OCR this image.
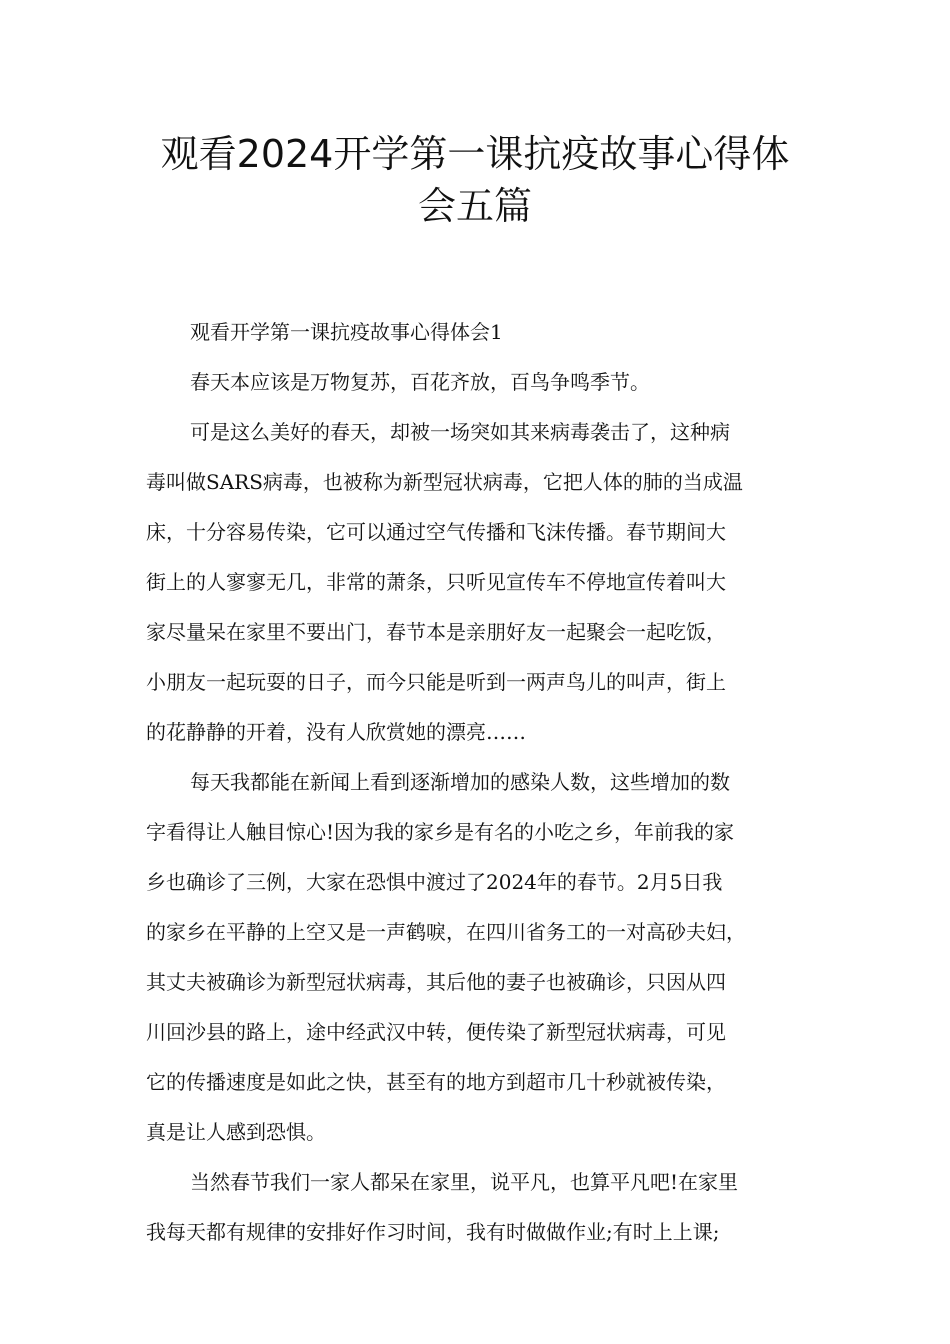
观看2024开学第一课抗疫故事心得体
会五篇
观看开学第一课抗疫故事心得体会1
春天本应该是万物复苏，百花齐放，百鸟争鸣季节。
可是这么美好的春天，却被一场突如其来病毒袭击了，这种病
毒叫做SARS病毒，也被称为新型冠状病毒，它把人体的肺的当成温
床，十分容易传染，它可以通过空气传播和飞沫传播。春节期间大
街上的人寥寥无几，非常的萧条，只听见宣传车不停地宣传着叫大
家尽量呆在家里不要出门，春节本是亲朋好友一起聚会一起吃饭，
小朋友一起玩耍的日子，而今只能是听到一两声鸟儿的叫声，街上
的花静静的开着，没有人欣赏她的漂亮……
每天我都能在新闻上看到逐渐增加的感染人数，这些增加的数
字看得让人触目惊心!因为我的家乡是有名的小吃之乡，年前我的家
乡也确诊了三例，大家在恐惧中渡过了2024年的春节。2月5日我
的家乡在平静的上空又是一声鹤唳，在四川省务工的一对高砂夫妇，
其丈夫被确诊为新型冠状病毒，其后他的妻子也被确诊，只因从四
川回沙县的路上，途中经武汉中转，便传染了新型冠状病毒，可见
它的传播速度是如此之快，甚至有的地方到超市几十秒就被传染，
真是让人感到恐惧。
当然春节我们一家人都呆在家里，说平凡，也算平凡吧!在家里
我每天都有规律的安排好作习时间，我有时做做作业;有时上上课;
